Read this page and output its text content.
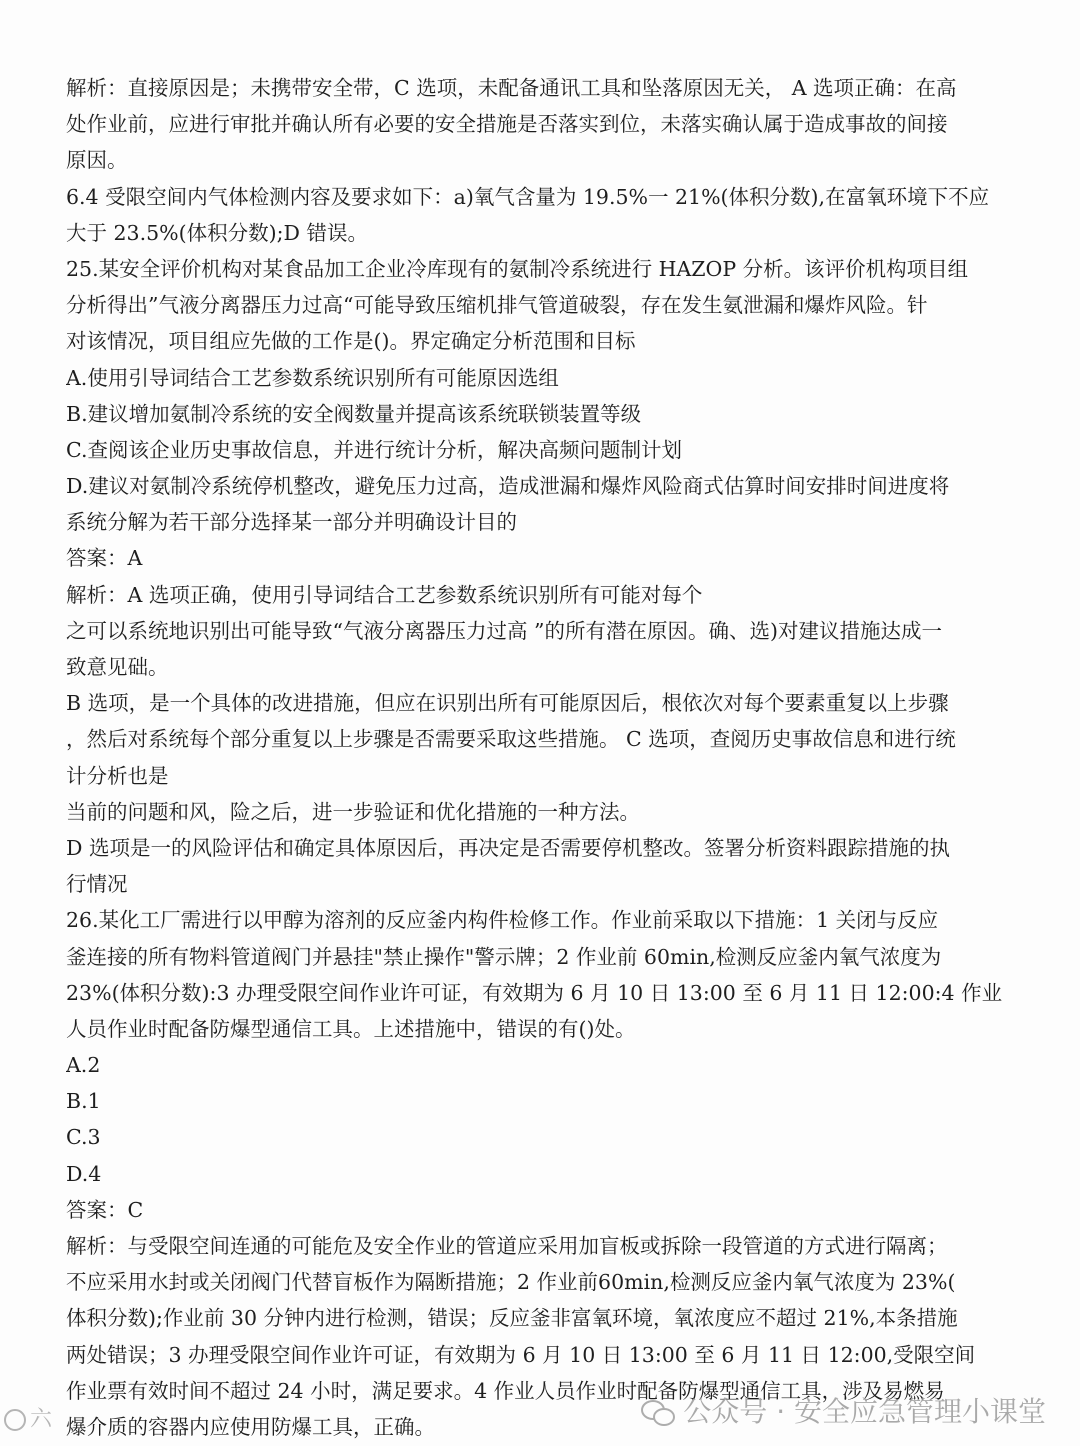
解析：直接原因是；未携带安全带，C 选项，未配备通讯工具和坠落原因无关， A 选项正确：在高
处作业前，应进行审批并确认所有必要的安全措施是否落实到位，未落实确认属于造成事故的间接
原因。
6.4 受限空间内气体检测内容及要求如下：a)氧气含量为 19.5%一 21%(体积分数),在富氧环境下不应
大于 23.5%(体积分数);D 错误。
25.某安全评价机构对某食品加工企业冷库现有的氨制冷系统进行 HAZOP 分析。该评价机构项目组
分析得出”气液分离器压力过高“可能导致压缩机排气管道破裂，存在发生氨泄漏和爆炸风险。针
对该情况，项目组应先做的工作是()。界定确定分析范围和目标
A.使用引导词结合工艺参数系统识别所有可能原因选组
B.建议增加氨制冷系统的安全阀数量并提高该系统联锁装置等级
C.查阅该企业历史事故信息，并进行统计分析，解决高频问题制计划
D.建议对氨制冷系统停机整改，避免压力过高，造成泄漏和爆炸风险商式估算时间安排时间进度将
系统分解为若干部分选择某一部分并明确设计目的
答案：A
解析：A 选项正确，使用引导词结合工艺参数系统识别所有可能对每个
之可以系统地识别出可能导致“气液分离器压力过高 ”的所有潜在原因。确、选)对建议措施达成一
致意见础。
B 选项，是一个具体的改进措施，但应在识别出所有可能原因后，根依次对每个要素重复以上步骤
，然后对系统每个部分重复以上步骤是否需要采取这些措施。 C 选项，查阅历史事故信息和进行统
计分析也是
当前的问题和风，险之后，进一步验证和优化措施的一种方法。
D 选项是一的风险评估和确定具体原因后，再决定是否需要停机整改。签署分析资料跟踪措施的执
行情况
26.某化工厂需进行以甲醇为溶剂的反应釜内构件检修工作。作业前采取以下措施：1 关闭与反应
釜连接的所有物料管道阀门并悬挂"禁止操作"警示牌；2 作业前 60min,检测反应釜内氧气浓度为
23%(体积分数):3 办理受限空间作业许可证，有效期为 6 月 10 日 13:00 至 6 月 11 日 12:00:4 作业
人员作业时配备防爆型通信工具。上述措施中，错误的有()处。
A.2
B.1
C.3
D.4
答案：C
解析：与受限空间连通的可能危及安全作业的管道应采用加盲板或拆除一段管道的方式进行隔离；
不应采用水封或关闭阀门代替盲板作为隔断措施；2 作业前60min,检测反应釜内氧气浓度为 23%(
体积分数);作业前 30 分钟内进行检测，错误；反应釜非富氧环境，氧浓度应不超过 21%,本条措施
两处错误；3 办理受限空间作业许可证，有效期为 6 月 10 日 13:00 至 6 月 11 日 12:00,受限空间
作业票有效时间不超过 24 小时，满足要求。4 作业人员作业时配备防爆型通信工具，涉及易燃易
爆介质的容器内应使用防爆工具，正确。
六	公众号 · 安全应急管理小课堂
